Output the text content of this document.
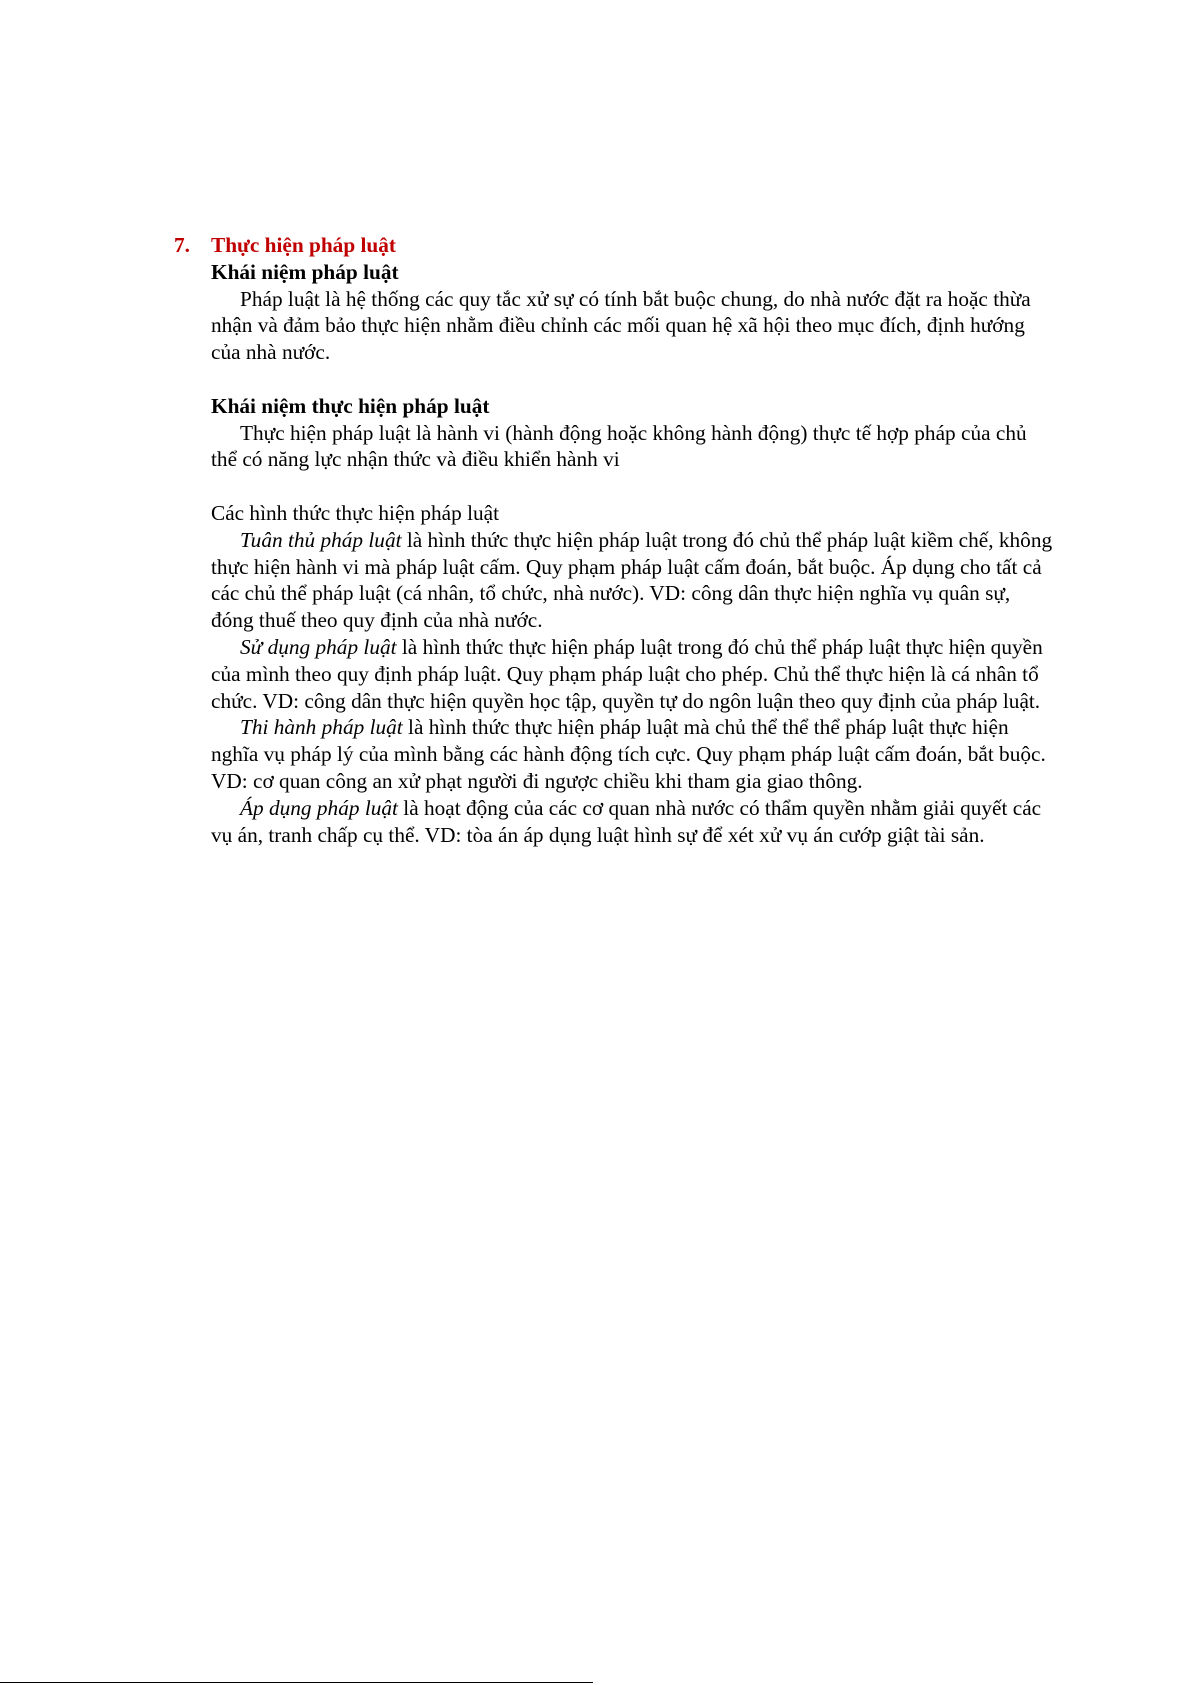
7. Thực hiện pháp luật

Khái niệm pháp luật

Pháp luật là hệ thống các quy tắc xử sự có tính bắt buộc chung, do nhà nước đặt ra hoặc thừa nhận và đảm bảo thực hiện nhằm điều chỉnh các mối quan hệ xã hội theo mục đích, định hướng của nhà nước.

Khái niệm thực hiện pháp luật

Thực hiện pháp luật là hành vi (hành động hoặc không hành động) thực tế hợp pháp của chủ thể có năng lực nhận thức và điều khiển hành vi

Các hình thức thực hiện pháp luật

Tuân thủ pháp luật là hình thức thực hiện pháp luật trong đó chủ thể pháp luật kiềm chế, không thực hiện hành vi mà pháp luật cấm. Quy phạm pháp luật cấm đoán, bắt buộc. Áp dụng cho tất cả các chủ thể pháp luật (cá nhân, tổ chức, nhà nước). VD: công dân thực hiện nghĩa vụ quân sự, đóng thuế theo quy định của nhà nước.

Sử dụng pháp luật là hình thức thực hiện pháp luật trong đó chủ thể pháp luật thực hiện quyền của mình theo quy định pháp luật. Quy phạm pháp luật cho phép. Chủ thể thực hiện là cá nhân tổ chức. VD: công dân thực hiện quyền học tập, quyền tự do ngôn luận theo quy định của pháp luật.

Thi hành pháp luật là hình thức thực hiện pháp luật mà chủ thể thể thể pháp luật thực hiện nghĩa vụ pháp lý của mình bằng các hành động tích cực. Quy phạm pháp luật cấm đoán, bắt buộc. VD: cơ quan công an xử phạt người đi ngược chiều khi tham gia giao thông.

Áp dụng pháp luật là hoạt động của các cơ quan nhà nước có thẩm quyền nhằm giải quyết các vụ án, tranh chấp cụ thể. VD: tòa án áp dụng luật hình sự để xét xử vụ án cướp giật tài sản.
